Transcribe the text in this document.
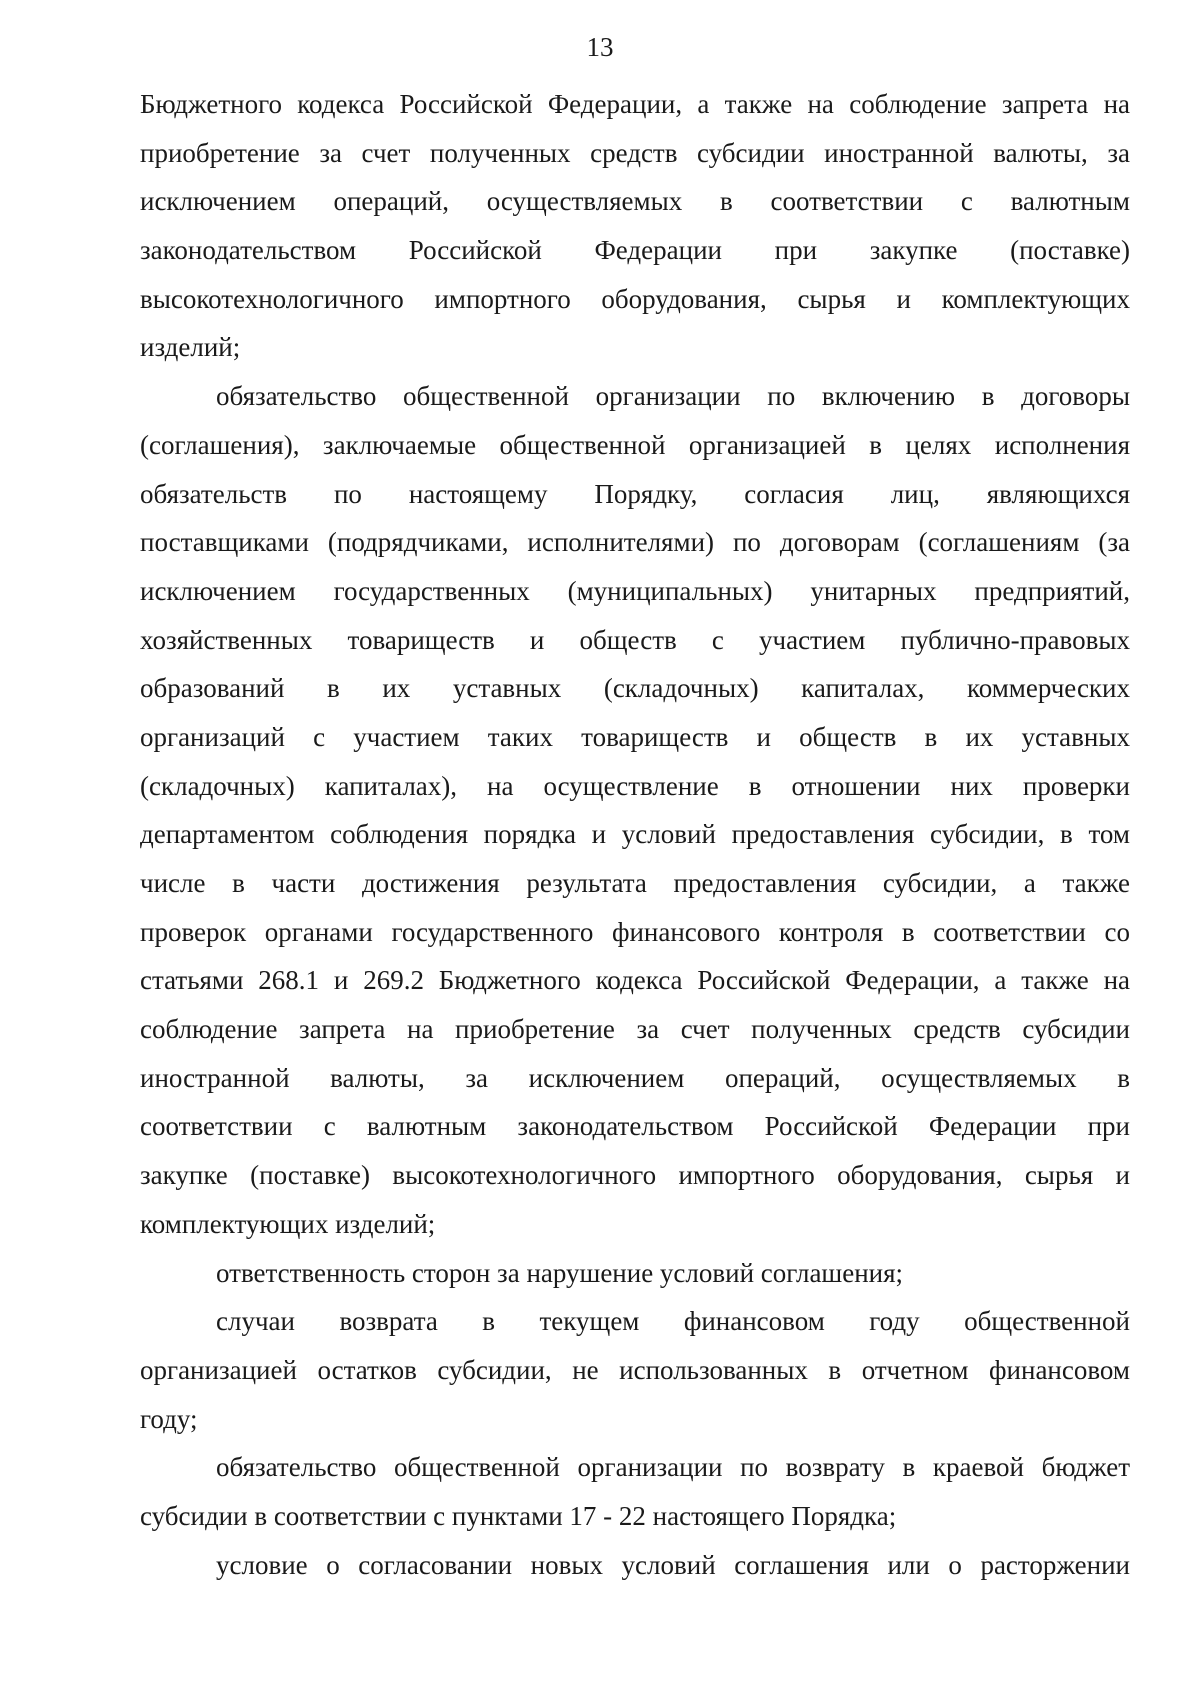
13
Бюджетного кодекса Российской Федерации, а также на соблюдение запрета на
приобретение за счет полученных средств субсидии иностранной валюты, за
исключением операций, осуществляемых в соответствии с валютным
законодательством Российской Федерации при закупке (поставке)
высокотехнологичного импортного оборудования, сырья и комплектующих
изделий;
обязательство общественной организации по включению в договоры
(соглашения), заключаемые общественной организацией в целях исполнения
обязательств по настоящему Порядку, согласия лиц, являющихся
поставщиками (подрядчиками, исполнителями) по договорам (соглашениям (за
исключением государственных (муниципальных) унитарных предприятий,
хозяйственных товариществ и обществ с участием публично-правовых
образований в их уставных (складочных) капиталах, коммерческих
организаций с участием таких товариществ и обществ в их уставных
(складочных) капиталах), на осуществление в отношении них проверки
департаментом соблюдения порядка и условий предоставления субсидии, в том
числе в части достижения результата предоставления субсидии, а также
проверок органами государственного финансового контроля в соответствии со
статьями 268.1 и 269.2 Бюджетного кодекса Российской Федерации, а также на
соблюдение запрета на приобретение за счет полученных средств субсидии
иностранной валюты, за исключением операций, осуществляемых в
соответствии с валютным законодательством Российской Федерации при
закупке (поставке) высокотехнологичного импортного оборудования, сырья и
комплектующих изделий;
ответственность сторон за нарушение условий соглашения;
случаи возврата в текущем финансовом году общественной
организацией остатков субсидии, не использованных в отчетном финансовом
году;
обязательство общественной организации по возврату в краевой бюджет
субсидии в соответствии с пунктами 17 - 22 настоящего Порядка;
условие о согласовании новых условий соглашения или о расторжении
